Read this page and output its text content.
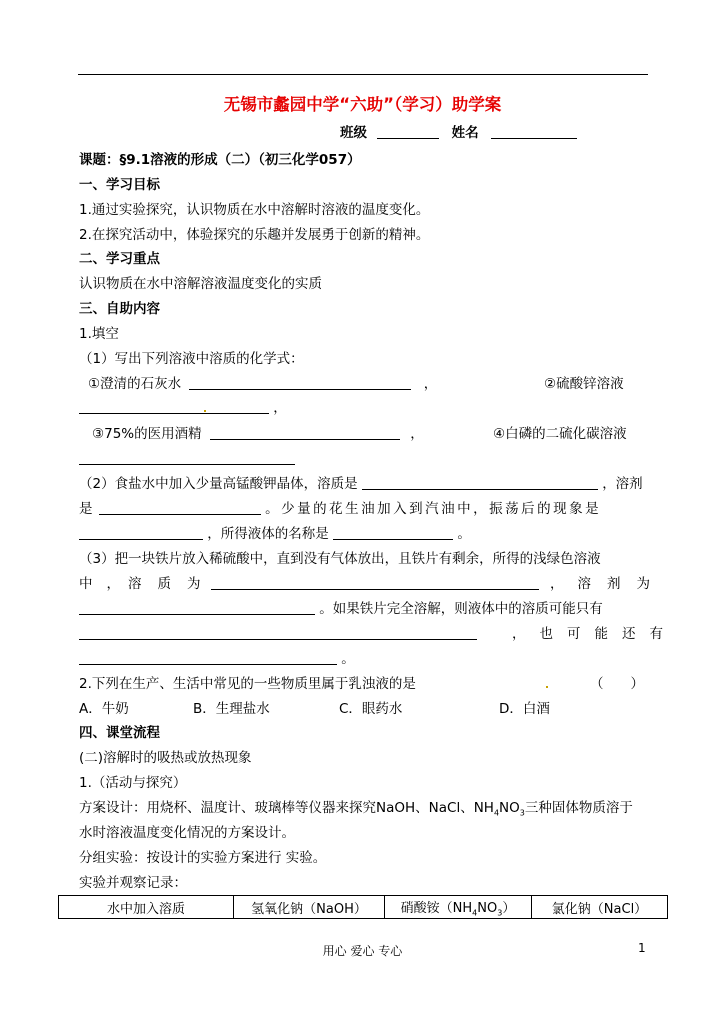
无锡市蠡园中学“六助”（学习）助学案
班级	姓名
课题：§9.1溶液的形成（二）（初三化学057）
一、学习目标
1.通过实验探究，认识物质在水中溶解时溶液的温度变化。
2.在探究活动中，体验探究的乐趣并发展勇于创新的精神。
二、学习重点
认识物质在水中溶解溶液温度变化的实质
三、自助内容
1.填空
（1）写出下列溶液中溶质的化学式：
①澄清的石灰水	，	②硫酸锌溶液
，
③75%的医用酒精	，	④白磷的二硫化碳溶液
（2）食盐水中加入少量高锰酸钾晶体，溶质是	，溶剂
是	。少量的花生油加入到汽油中，振荡后的现象是
，所得液体的名称是	。
（3）把一块铁片放入稀硫酸中，直到没有气体放出，且铁片有剩余，所得的浅绿色溶液
中 ， 溶 质 为	， 溶 剂 为
。如果铁片完全溶解，则液体中的溶质可能只有
， 也 可 能 还 有
。
2.下列在生产、生活中常见的一些物质里属于乳浊液的是	（　　）
A．牛奶	B．生理盐水	C．眼药水	D．白酒
四、课堂流程
(二)溶解时的吸热或放热现象
1.（活动与探究）
方案设计：用烧杯、温度计、玻璃棒等仪器来探究NaOH、NaCl、$NH_4NO_3$三种固体物质溶于
水时溶液温度变化情况的方案设计。
分组实验：按设计的实验方案进行 实验。
实验并观察记录：
水中加入溶质	氢氧化钠（NaOH）	硝酸铵$(NH_4NO_3)$	氯化钠（NaCl）
用心 爱心 专心	1
